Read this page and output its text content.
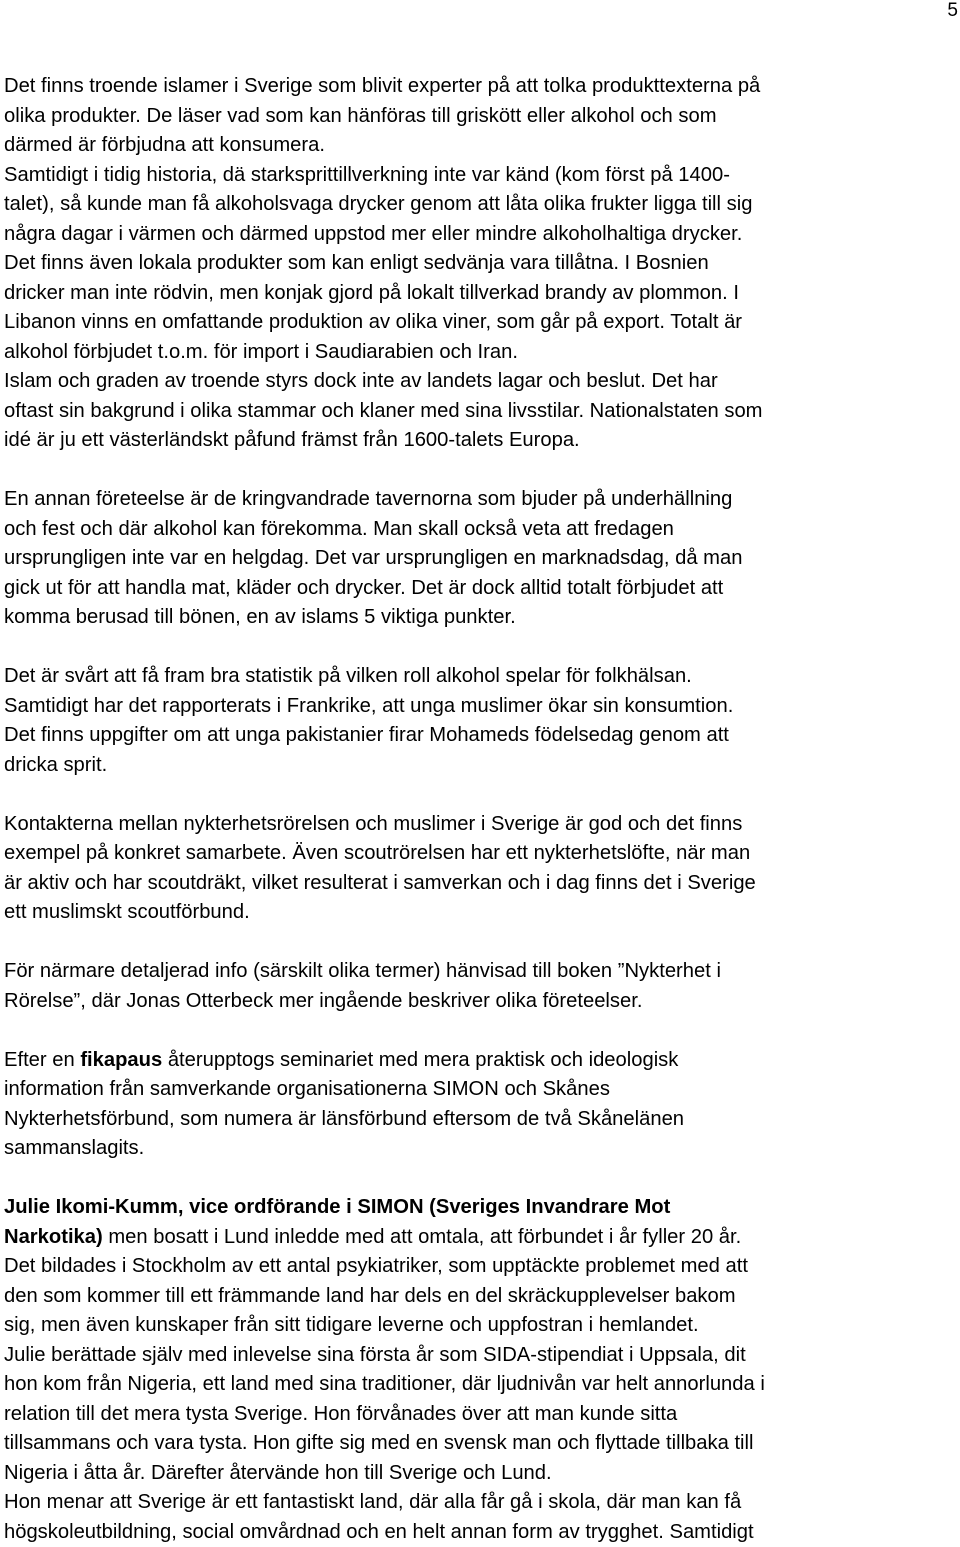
5
Det finns troende islamer i Sverige som blivit experter på att tolka produkttexterna på
olika produkter. De läser vad som kan hänföras till griskött eller alkohol och som
därmed är förbjudna att konsumera.
Samtidigt i tidig historia, dä starksprittillverkning inte var känd (kom först på 1400-
talet), så kunde man få alkoholsvaga drycker genom att låta olika frukter ligga till sig
några dagar i värmen och därmed uppstod mer eller mindre alkoholhaltiga drycker.
Det finns även lokala produkter som kan enligt sedvänja vara tillåtna. I Bosnien
dricker man inte rödvin, men konjak gjord på lokalt tillverkad brandy av plommon. I
Libanon vinns en omfattande produktion av olika viner, som går på export. Totalt är
alkohol förbjudet t.o.m. för import i Saudiarabien och Iran.
Islam och graden av troende styrs dock inte av landets lagar och beslut. Det har
oftast sin bakgrund i olika stammar och klaner med sina livsstilar. Nationalstaten som
idé är ju ett västerländskt påfund främst från 1600-talets Europa.
En annan företeelse är de kringvandrade tavernorna som bjuder på underhällning
och fest och där alkohol kan förekomma. Man skall också veta att fredagen
ursprungligen inte var en helgdag. Det var ursprungligen en marknadsdag, då man
gick ut för att handla mat, kläder och drycker. Det är dock alltid totalt förbjudet att
komma berusad till bönen, en av islams 5 viktiga punkter.
Det är svårt att få fram bra statistik på vilken roll alkohol spelar för folkhälsan.
Samtidigt har det rapporterats i Frankrike, att unga muslimer ökar sin konsumtion.
Det finns uppgifter om att unga pakistanier firar Mohameds födelsedag genom att
dricka sprit.
Kontakterna mellan nykterhetsrörelsen och muslimer i Sverige är god och det finns
exempel på konkret samarbete. Även scoutrörelsen har ett nykterhetslöfte, när man
är aktiv och har scoutdräkt, vilket resulterat i samverkan och i dag finns det i Sverige
ett muslimskt scoutförbund.
För närmare detaljerad info (särskilt olika termer) hänvisad till boken ”Nykterhet i
Rörelse”, där Jonas Otterbeck mer ingående beskriver olika företeelser.
Efter en fikapaus återupptogs seminariet med mera praktisk och ideologisk
information från samverkande organisationerna SIMON och Skånes
Nykterhetsförbund, som numera är länsförbund eftersom de två Skånelänen
sammanslagits.
Julie Ikomi-Kumm, vice ordförande i SIMON (Sveriges Invandrare Mot
Narkotika) men bosatt i Lund inledde med att omtala, att förbundet i år fyller 20 år.
Det bildades i Stockholm av ett antal psykiatriker, som upptäckte problemet med att
den som kommer till ett främmande land har dels en del skräckupplevelser bakom
sig, men även kunskaper från sitt tidigare leverne och uppfostran i hemlandet.
Julie berättade själv med inlevelse sina första år som SIDA-stipendiat i Uppsala, dit
hon kom från Nigeria, ett land med sina traditioner, där ljudnivån var helt annorlunda i
relation till det mera tysta Sverige. Hon förvånades över att man kunde sitta
tillsammans och vara tysta. Hon gifte sig med en svensk man och flyttade tillbaka till
Nigeria i åtta år. Därefter återvände hon till Sverige och Lund.
Hon menar att Sverige är ett fantastiskt land, där alla får gå i skola, där man kan få
högskoleutbildning, social omvårdnad och en helt annan form av trygghet. Samtidigt
